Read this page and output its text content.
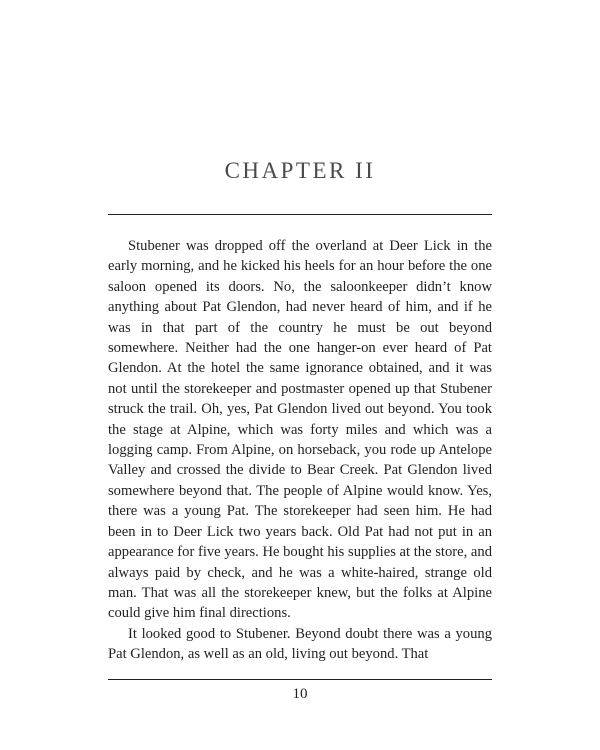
CHAPTER II

Stubener was dropped off the overland at Deer Lick in the early morning, and he kicked his heels for an hour before the one saloon opened its doors. No, the saloonkeeper didn’t know anything about Pat Glendon, had never heard of him, and if he was in that part of the country he must be out beyond somewhere. Neither had the one hanger-on ever heard of Pat Glendon. At the hotel the same ignorance obtained, and it was not until the storekeeper and postmaster opened up that Stubener struck the trail. Oh, yes, Pat Glendon lived out beyond. You took the stage at Alpine, which was forty miles and which was a logging camp. From Alpine, on horseback, you rode up Antelope Valley and crossed the divide to Bear Creek. Pat Glendon lived somewhere beyond that. The people of Alpine would know. Yes, there was a young Pat. The storekeeper had seen him. He had been in to Deer Lick two years back. Old Pat had not put in an appearance for five years. He bought his supplies at the store, and always paid by check, and he was a white-haired, strange old man. That was all the storekeeper knew, but the folks at Alpine could give him final directions.

It looked good to Stubener. Beyond doubt there was a young Pat Glendon, as well as an old, living out beyond. That

10
